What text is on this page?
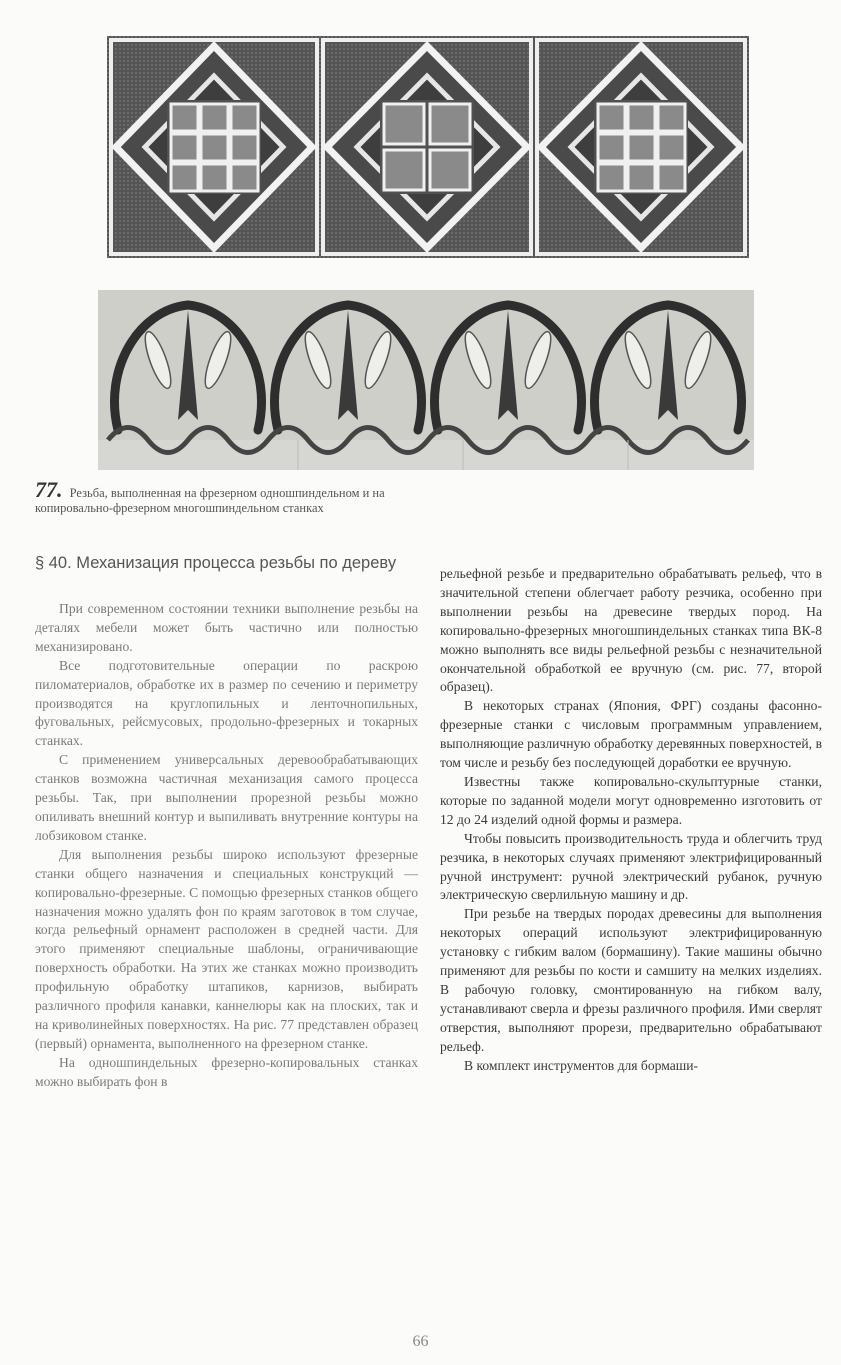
77. Резьба, выполненная на фрезерном одношпиндельном и на копировально-фрезерном многошпиндельном станках
§ 40. Механизация процесса резьбы по дереву

При современном состоянии техники выполнение резьбы на деталях мебели может быть частично или полностью механизировано.

Все подготовительные операции по раскрою пиломатериалов, обработке их в размер по сечению и периметру производятся на круглопильных и ленточнопильных, фуговальных, рейсмусовых, продольно-фрезерных и токарных станках.

С применением универсальных деревообрабатывающих станков возможна частичная механизация самого процесса резьбы. Так, при выполнении прорезной резьбы можно опиливать внешний контур и выпиливать внутренние контуры на лобзиковом станке.

Для выполнения резьбы широко используют фрезерные станки общего назначения и специальных конструкций — копировально-фрезерные. С помощью фрезерных станков общего назначения можно удалять фон по краям заготовок в том случае, когда рельефный орнамент расположен в средней части. Для этого применяют специальные шаблоны, ограничивающие поверхность обработки. На этих же станках можно производить профильную обработку штапиков, карнизов, выбирать различного профиля канавки, каннелюры как на плоских, так и на криволинейных поверхностях. На рис. 77 представлен образец (первый) орнамента, выполненного на фрезерном станке.

На одношпиндельных фрезерно-копировальных станках можно выбирать фон в

рельефной резьбе и предварительно обрабатывать рельеф, что в значительной степени облегчает работу резчика, особенно при выполнении резьбы на древесине твердых пород. На копировально-фрезерных многошпиндельных станках типа ВК-8 можно выполнять все виды рельефной резьбы с незначительной окончательной обработкой ее вручную (см. рис. 77, второй образец).

В некоторых странах (Япония, ФРГ) созданы фасонно-фрезерные станки с числовым программным управлением, выполняющие различную обработку деревянных поверхностей, в том числе и резьбу без последующей доработки ее вручную.

Известны также копировально-скульптурные станки, которые по заданной модели могут одновременно изготовить от 12 до 24 изделий одной формы и размера.

Чтобы повысить производительность труда и облегчить труд резчика, в некоторых случаях применяют электрифицированный ручной инструмент: ручной электрический рубанок, ручную электрическую сверлильную машину и др.

При резьбе на твердых породах древесины для выполнения некоторых операций используют электрифицированную установку с гибким валом (бормашину). Такие машины обычно применяют для резьбы по кости и самшиту на мелких изделиях. В рабочую головку, смонтированную на гибком валу, устанавливают сверла и фрезы различного профиля. Ими сверлят отверстия, выполняют прорези, предварительно обрабатывают рельеф.

В комплект инструментов для бормаши-

66
